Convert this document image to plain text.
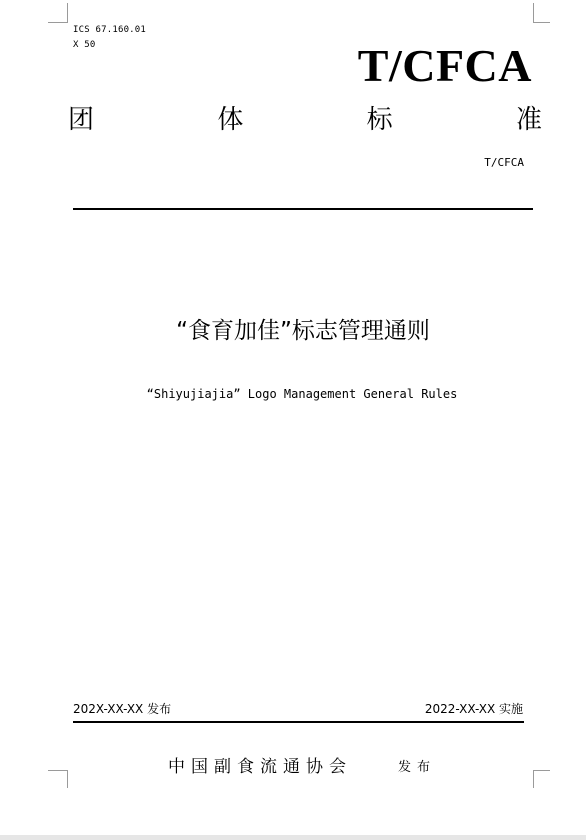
ICS 67.160.01
X 50	T/CFCA
团	体	标	准
T/CFCA
“食育加佳”标志管理通则
“Shiyujiajia” Logo Management General Rules
202X-XX-XX 发布	2022-XX-XX 实施
中国副食流通协会	发布
